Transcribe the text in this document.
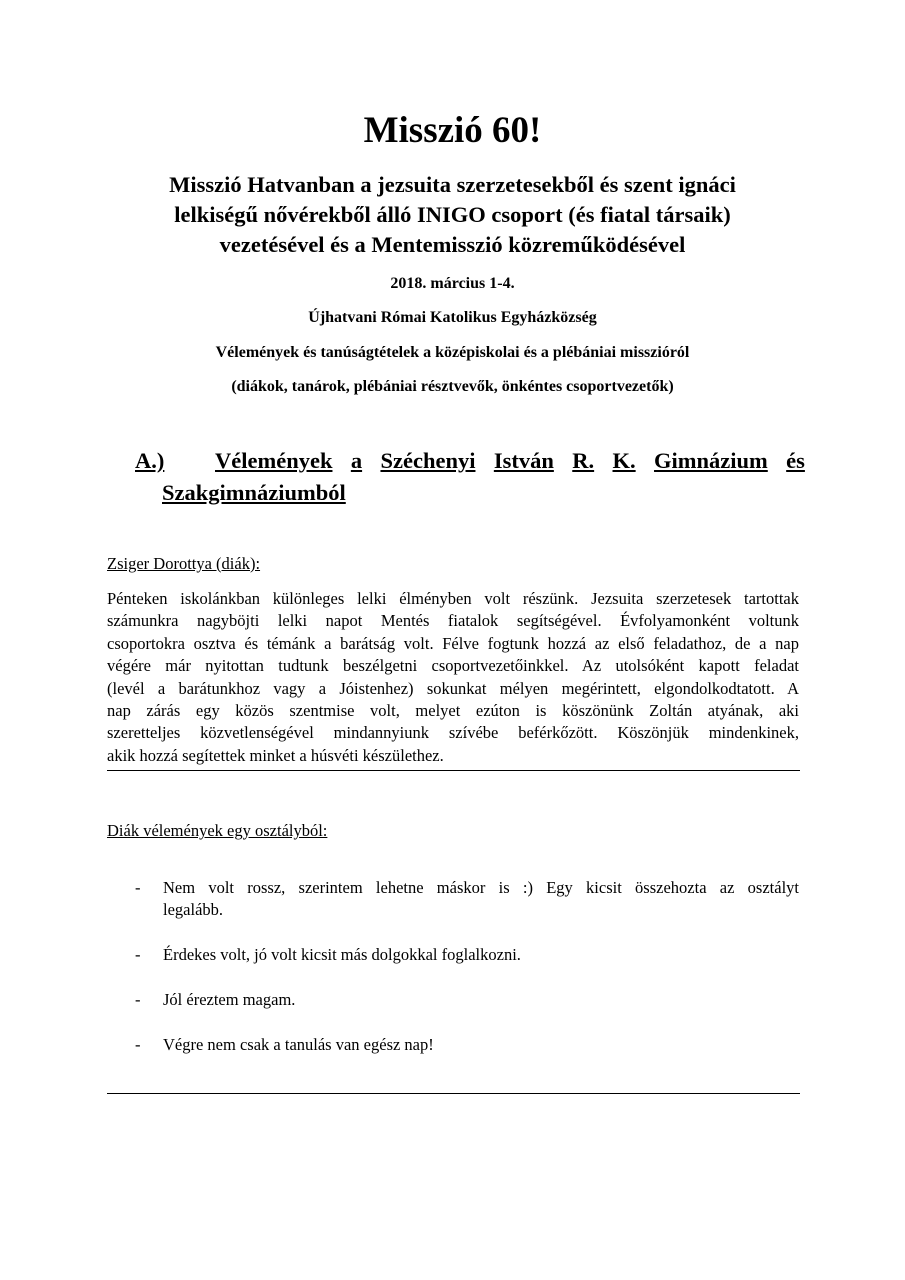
Misszió 60!
Misszió Hatvanban a jezsuita szerzetesekből és szent ignáci
lelkiségű nővérekből álló INIGO csoport (és fiatal társaik)
vezetésével és a Mentemisszió közreműködésével
2018. március 1-4.
Újhatvani Római Katolikus Egyházközség
Vélemények és tanúságtételek a középiskolai és a plébániai misszióról
(diákok, tanárok, plébániai résztvevők, önkéntes csoportvezetők)
A.)	Vélemények a Széchenyi István R. K. Gimnázium és
Szakgimnáziumból
Zsiger Dorottya (diák):
Pénteken iskolánkban különleges lelki élményben volt részünk. Jezsuita szerzetesek tartottak
számunkra nagyböjti lelki napot Mentés fiatalok segítségével. Évfolyamonként voltunk
csoportokra osztva és témánk a barátság volt. Félve fogtunk hozzá az első feladathoz, de a nap
végére már nyitottan tudtunk beszélgetni csoportvezetőinkkel. Az utolsóként kapott feladat
(levél a barátunkhoz vagy a Jóistenhez) sokunkat mélyen megérintett, elgondolkodtatott. A
nap zárás egy közös szentmise volt, melyet ezúton is köszönünk Zoltán atyának, aki
szeretteljes közvetlenségével mindannyiunk szívébe beférkőzött. Köszönjük mindenkinek,
akik hozzá segítettek minket a húsvéti készülethez.
Diák vélemények egy osztályból:
- Nem volt rossz, szerintem lehetne máskor is :) Egy kicsit összehozta az osztályt
legalább.
- Érdekes volt, jó volt kicsit más dolgokkal foglalkozni.
- Jól éreztem magam.
- Végre nem csak a tanulás van egész nap!
